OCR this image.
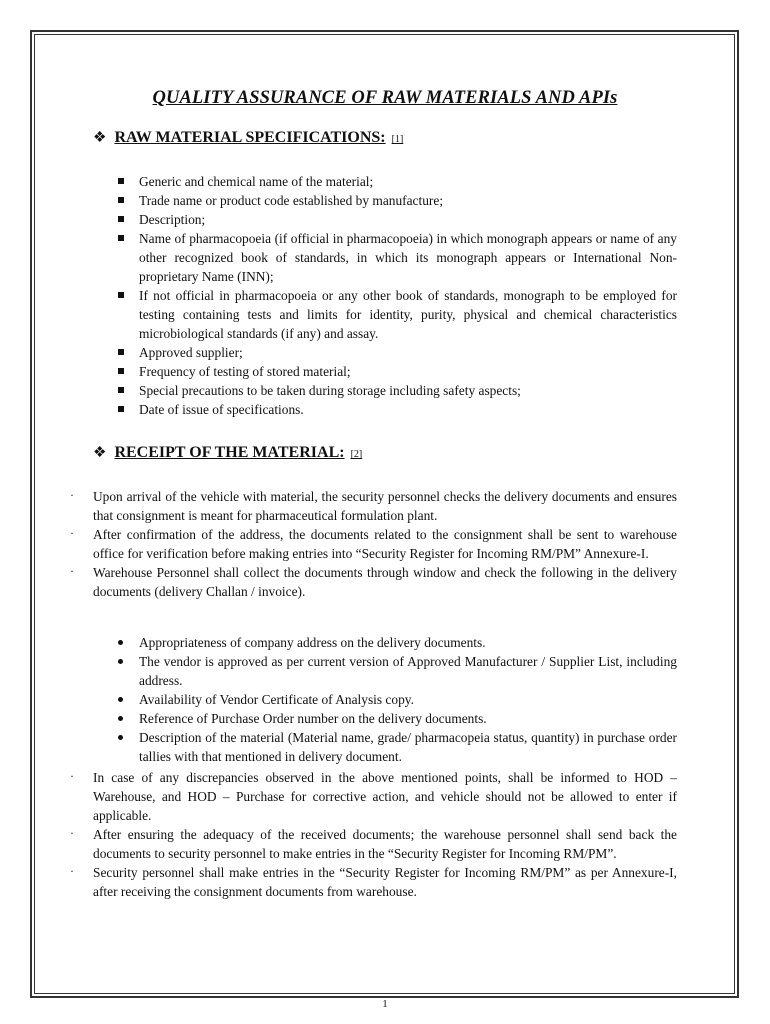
QUALITY ASSURANCE OF RAW MATERIALS AND APIs
❖ RAW MATERIAL SPECIFICATIONS: [1]
Generic and chemical name of the material;
Trade name or product code established by manufacture;
Description;
Name of pharmacopoeia (if official in pharmacopoeia) in which monograph appears or name of any other recognized book of standards, in which its monograph appears or International Non-proprietary Name (INN);
If not official in pharmacopoeia or any other book of standards, monograph to be employed for testing containing tests and limits for identity, purity, physical and chemical characteristics microbiological standards (if any) and assay.
Approved supplier;
Frequency of testing of stored material;
Special precautions to be taken during storage including safety aspects;
Date of issue of specifications.
❖ RECEIPT OF THE MATERIAL: [2]
· Upon arrival of the vehicle with material, the security personnel checks the delivery documents and ensures that consignment is meant for pharmaceutical formulation plant.
· After confirmation of the address, the documents related to the consignment shall be sent to warehouse office for verification before making entries into “Security Register for Incoming RM/PM” Annexure-I.
· Warehouse Personnel shall collect the documents through window and check the following in the delivery documents (delivery Challan / invoice).
Appropriateness of company address on the delivery documents.
The vendor is approved as per current version of Approved Manufacturer / Supplier List, including address.
Availability of Vendor Certificate of Analysis copy.
Reference of Purchase Order number on the delivery documents.
Description of the material (Material name, grade/ pharmacopeia status, quantity) in purchase order tallies with that mentioned in delivery document.
· In case of any discrepancies observed in the above mentioned points, shall be informed to HOD – Warehouse, and HOD – Purchase for corrective action, and vehicle should not be allowed to enter if applicable.
· After ensuring the adequacy of the received documents; the warehouse personnel shall send back the documents to security personnel to make entries in the “Security Register for Incoming RM/PM”.
· Security personnel shall make entries in the “Security Register for Incoming RM/PM” as per Annexure-I, after receiving the consignment documents from warehouse.
1
